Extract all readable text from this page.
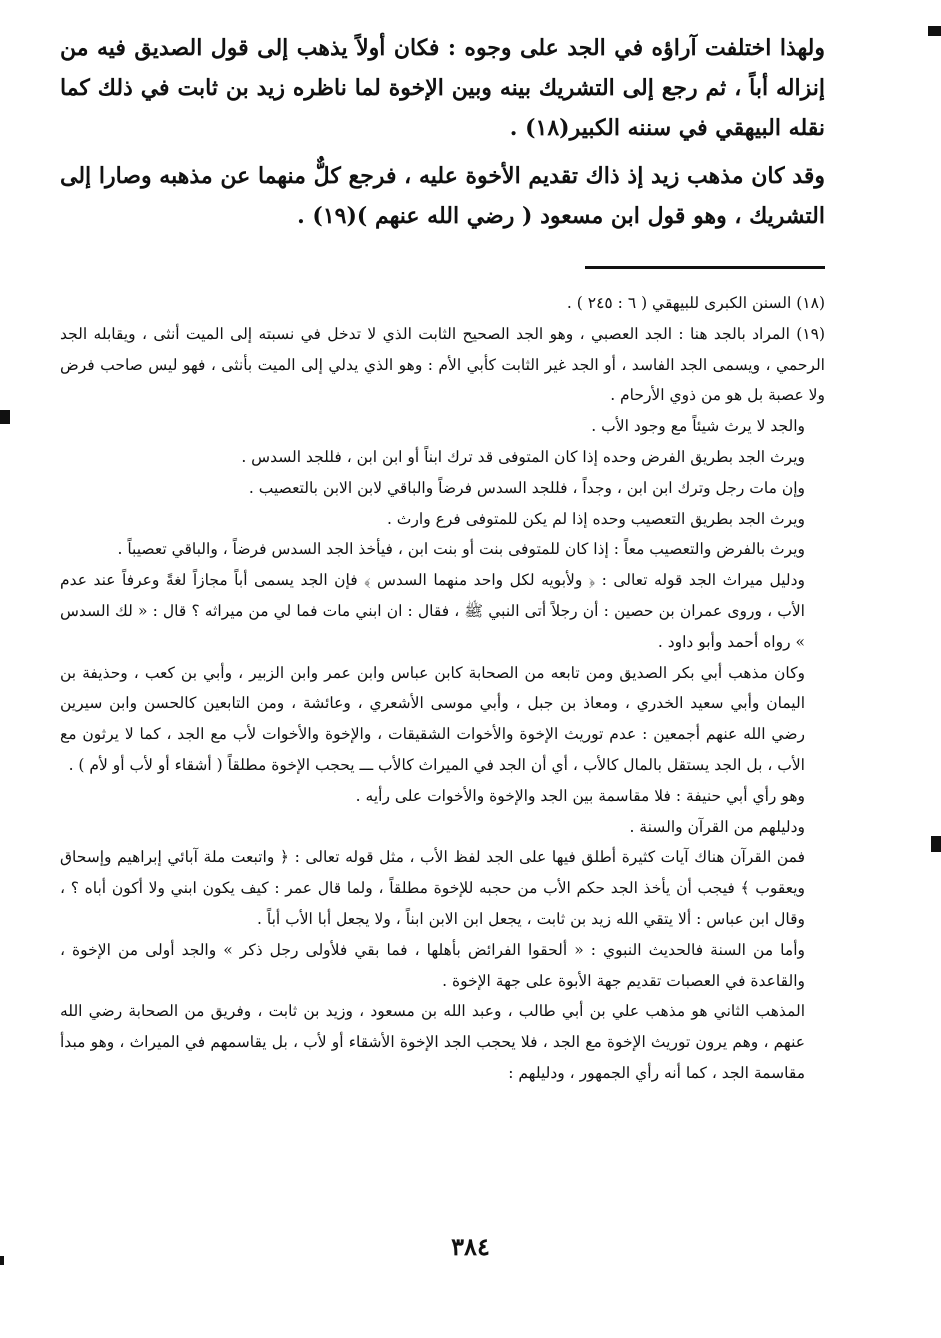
ولهذا اختلفت آراؤه في الجد على وجوه : فكان أولاً يذهب إلى قول الصديق فيه من إنزاله أباً ، ثم رجع إلى التشريك بينه وبين الإخوة لما ناظره زيد بن ثابت في ذلك كما نقله البيهقي في سننه الكبير(١٨) .

وقد كان مذهب زيد إذ ذاك تقديم الأخوة عليه ، فرجع كلٌّ منهما عن مذهبه وصارا إلى التشريك ، وهو قول ابن مسعود ( رضي الله عنهم )(١٩) .

(١٨) السنن الكبرى للبيهقي ( ٦ : ٢٤٥ ) .

(١٩) المراد بالجد هنا : الجد العصبي ، وهو الجد الصحيح الثابت الذي لا تدخل في نسبته إلى الميت أنثى ، ويقابله الجد الرحمي ، ويسمى الجد الفاسد ، أو الجد غير الثابت كأبي الأم : وهو الذي يدلي إلى الميت بأنثى ، فهو ليس صاحب فرض ولا عصبة بل هو من ذوي الأرحام .

والجد لا يرث شيئاً مع وجود الأب .

ويرث الجد بطريق الفرض وحده إذا كان المتوفى قد ترك ابناً أو ابن ابن ، فللجد السدس .

وإن مات رجل وترك ابن ابن ، وجداً ، فللجد السدس فرضاً والباقي لابن الابن بالتعصيب .

ويرث الجد بطريق التعصيب وحده إذا لم يكن للمتوفى فرع وارث .

ويرث بالفرض والتعصيب معاً : إذا كان للمتوفى بنت أو بنت ابن ، فيأخذ الجد السدس فرضاً ، والباقي تعصيباً .

ودليل ميراث الجد قوله تعالى : ﴿ ولأبويه لكل واحد منهما السدس ﴾ فإن الجد يسمى أباً مجازاً لغةً وعرفاً عند عدم الأب ، وروى عمران بن حصين : أن رجلاً أتى النبي ﷺ ، فقال : ان ابني مات فما لي من ميراثه ؟ قال : « لك السدس » رواه أحمد وأبو داود .

وكان مذهب أبي بكر الصديق ومن تابعه من الصحابة كابن عباس وابن عمر وابن الزبير ، وأبي بن كعب ، وحذيفة بن اليمان وأبي سعيد الخدري ، ومعاذ بن جبل ، وأبي موسى الأشعري ، وعائشة ، ومن التابعين كالحسن وابن سيرين رضي الله عنهم أجمعين : عدم توريث الإخوة والأخوات الشقيقات ، والإخوة والأخوات لأب مع الجد ، كما لا يرثون مع الأب ، بل الجد يستقل بالمال كالأب ، أي أن الجد في الميراث كالأب ـــ يحجب الإخوة مطلقاً ( أشقاء أو لأب أو لأم ) .

وهو رأي أبي حنيفة : فلا مقاسمة بين الجد والإخوة والأخوات على رأيه .

ودليلهم من القرآن والسنة .

فمن القرآن هناك آيات كثيرة أطلق فيها على الجد لفظ الأب ، مثل قوله تعالى : ﴿ واتبعت ملة آبائي إبراهيم وإسحاق ويعقوب ﴾ فيجب أن يأخذ الجد حكم الأب من حجبه للإخوة مطلقاً ، ولما قال عمر : كيف يكون ابني ولا أكون أباه ؟ ، وقال ابن عباس : ألا يتقي الله زيد بن ثابت ، يجعل ابن الابن ابناً ، ولا يجعل أبا الأب أباً .

وأما من السنة فالحديث النبوي : « ألحقوا الفرائض بأهلها ، فما بقي فلأولى رجل ذكر » والجد أولى من الإخوة ، والقاعدة في العصبات تقديم جهة الأبوة على جهة الإخوة .

المذهب الثاني هو مذهب علي بن أبي طالب ، وعبد الله بن مسعود ، وزيد بن ثابت ، وفريق من الصحابة رضي الله عنهم ، وهم يرون توريث الإخوة مع الجد ، فلا يحجب الجد الإخوة الأشقاء أو لأب ، بل يقاسمهم في الميراث ، وهو مبدأ مقاسمة الجد ، كما أنه رأي الجمهور ، ودليلهم :

٣٨٤
